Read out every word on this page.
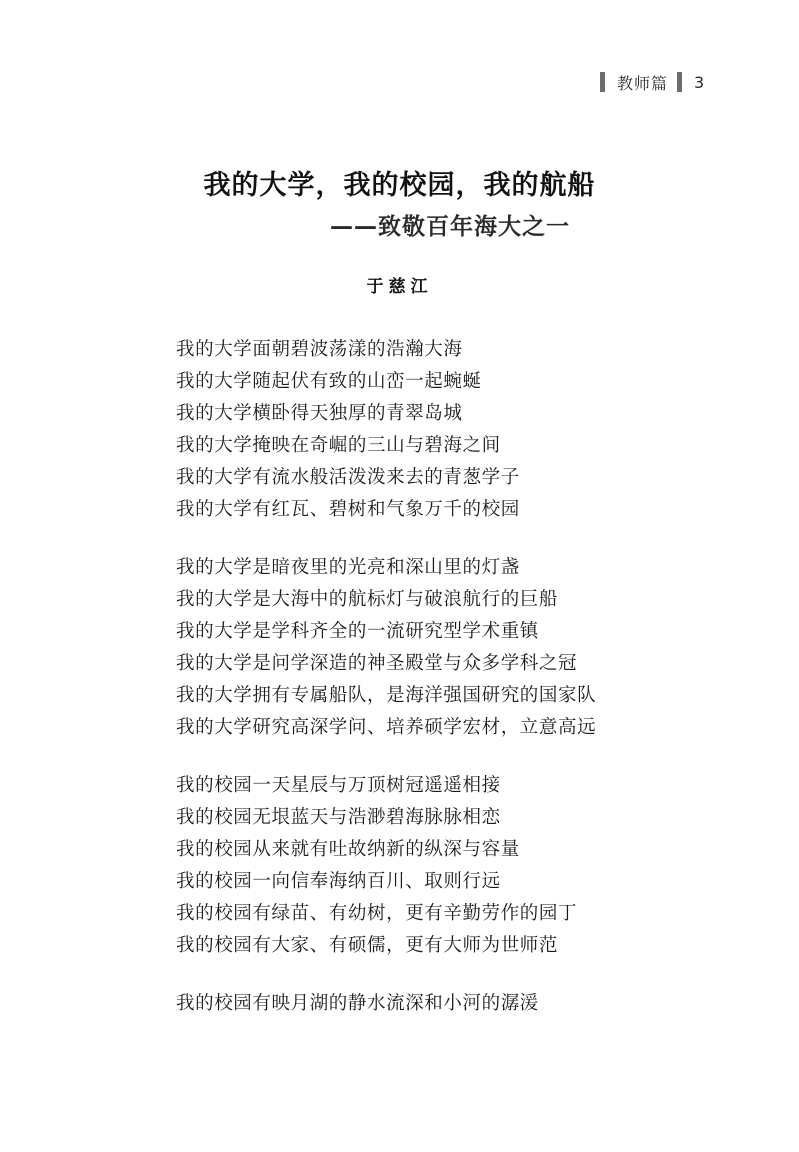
教师篇 3
我的大学，我的校园，我的航船
——致敬百年海大之一

于慈江

我的大学面朝碧波荡漾的浩瀚大海
我的大学随起伏有致的山峦一起蜿蜒
我的大学横卧得天独厚的青翠岛城
我的大学掩映在奇崛的三山与碧海之间
我的大学有流水般活泼泼来去的青葱学子
我的大学有红瓦、碧树和气象万千的校园
我的大学是暗夜里的光亮和深山里的灯盏
我的大学是大海中的航标灯与破浪航行的巨船
我的大学是学科齐全的一流研究型学术重镇
我的大学是问学深造的神圣殿堂与众多学科之冠
我的大学拥有专属船队，是海洋强国研究的国家队
我的大学研究高深学问、培养硕学宏材，立意高远
我的校园一天星辰与万顶树冠遥遥相接
我的校园无垠蓝天与浩渺碧海脉脉相恋
我的校园从来就有吐故纳新的纵深与容量
我的校园一向信奉海纳百川、取则行远
我的校园有绿苗、有幼树，更有辛勤劳作的园丁
我的校园有大家、有硕儒，更有大师为世师范
我的校园有映月湖的静水流深和小河的潺湲
